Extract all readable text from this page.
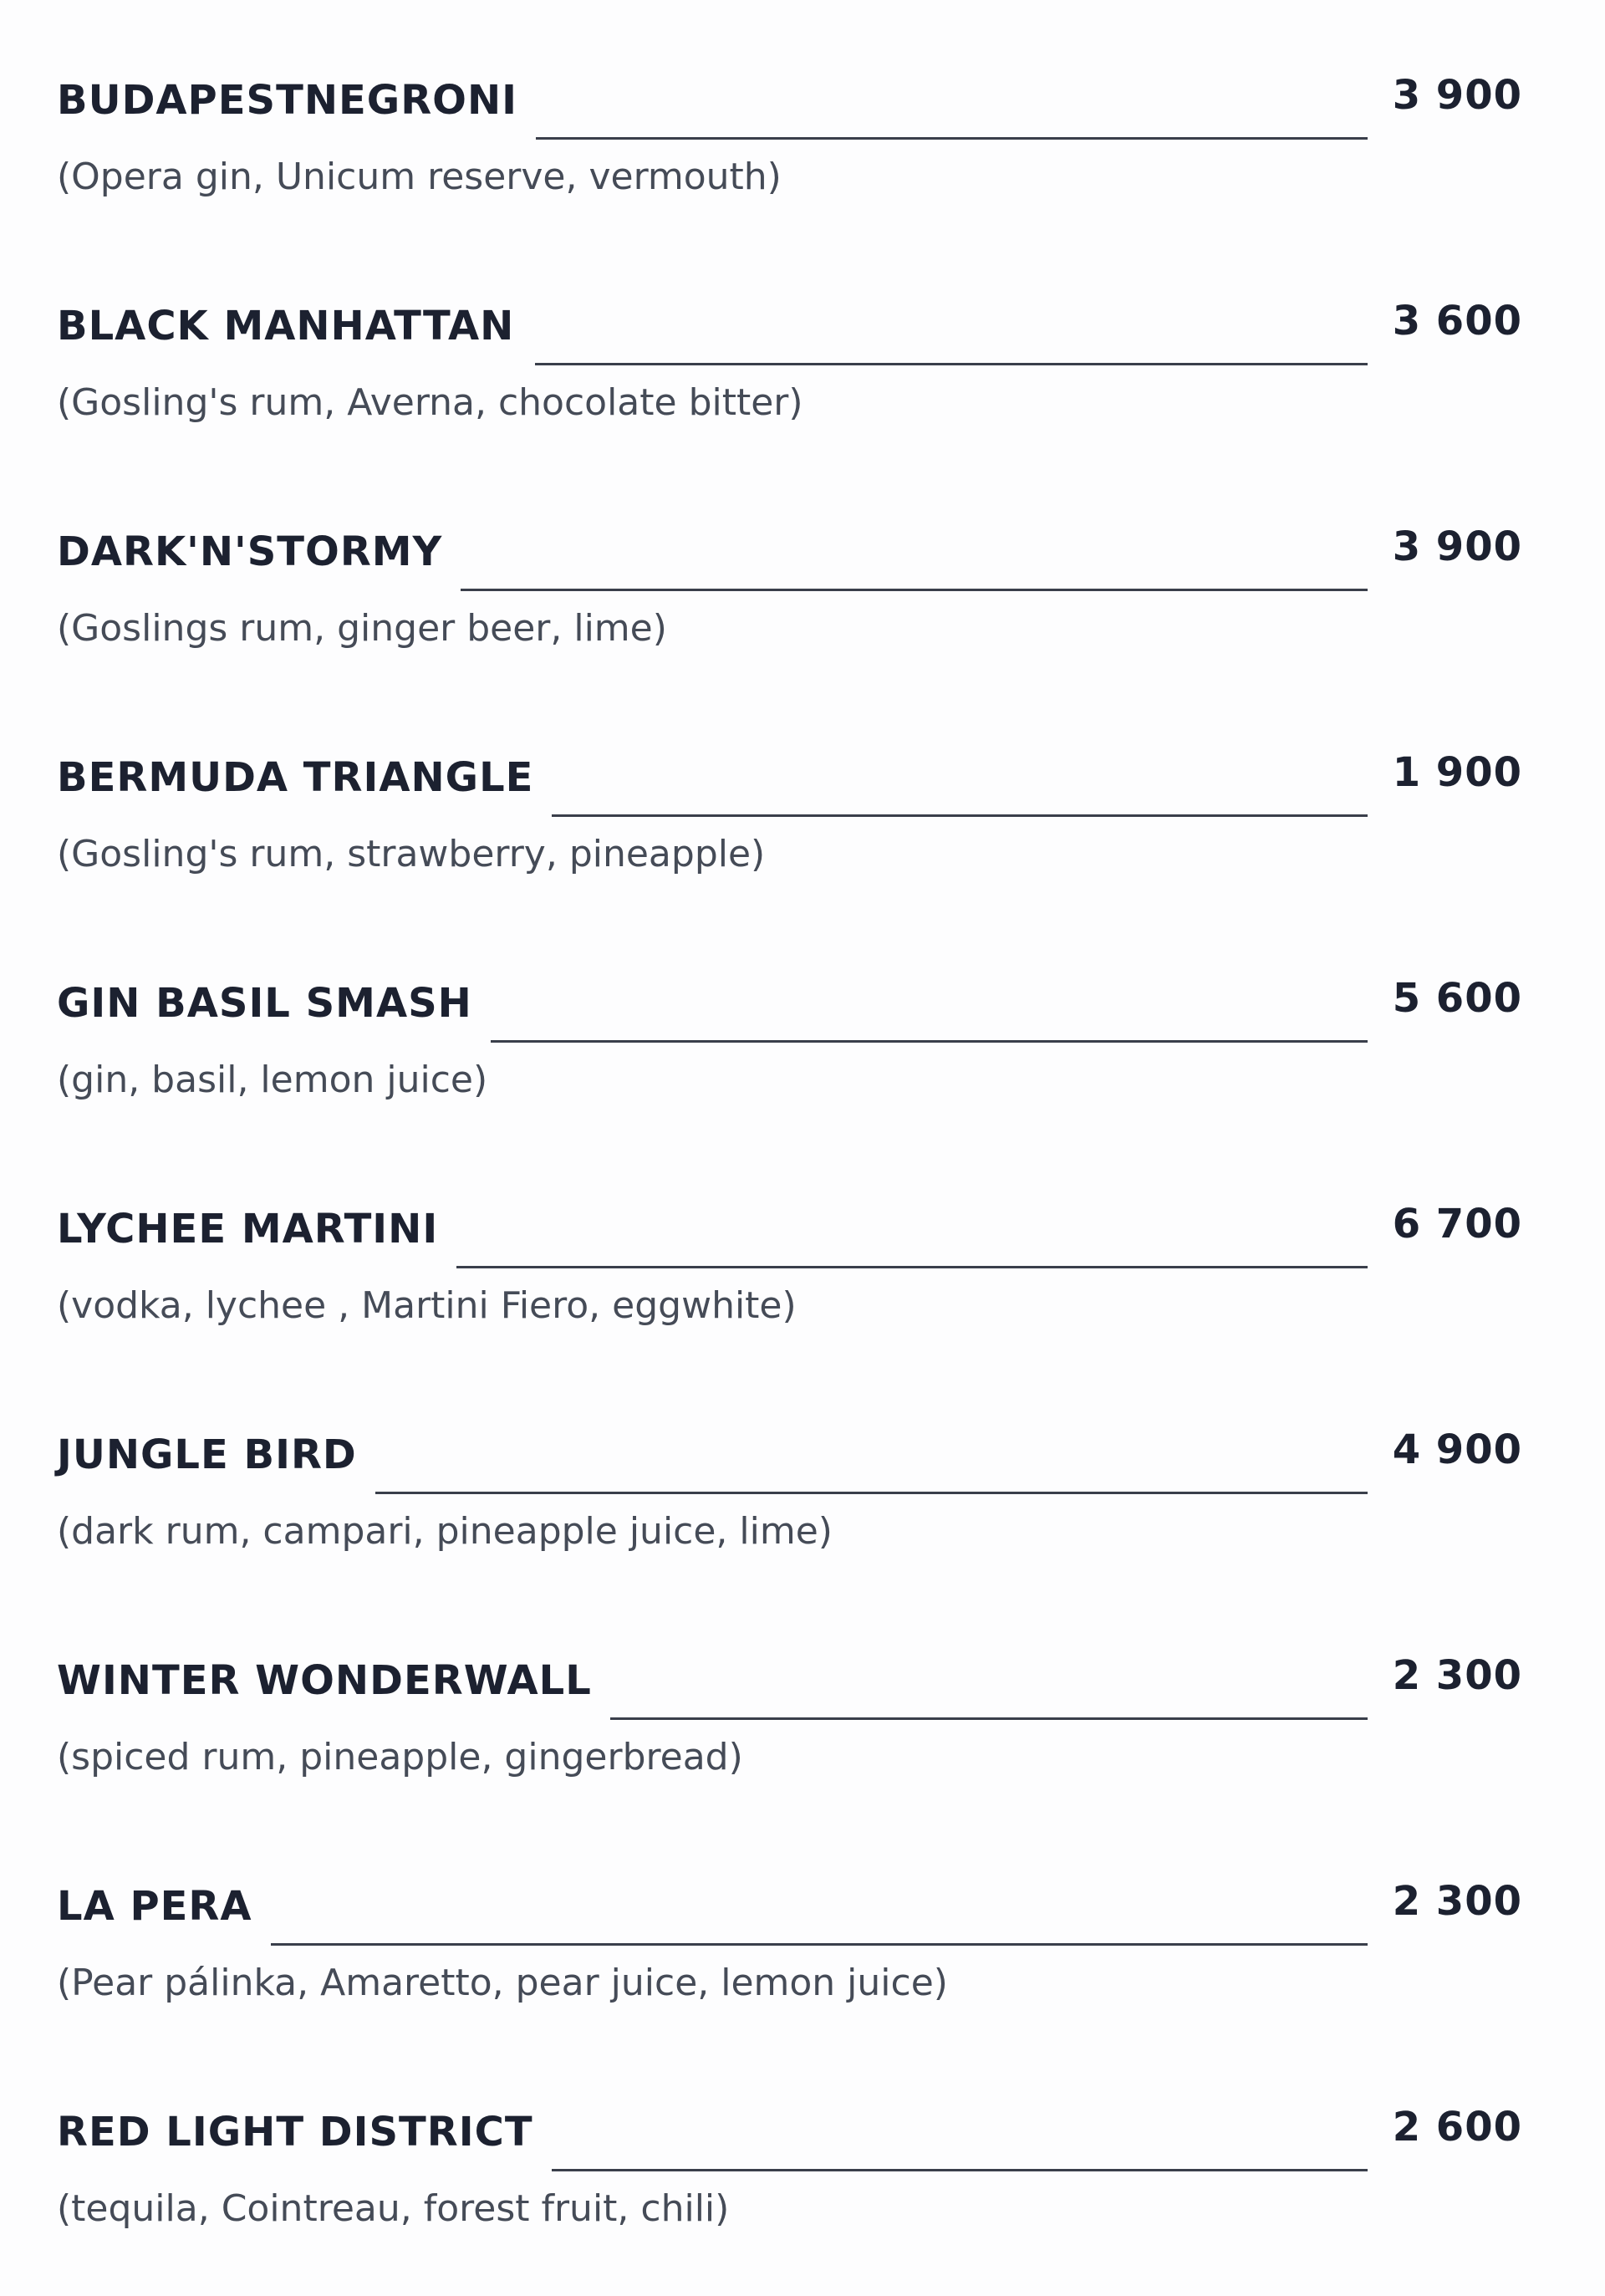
BUDAPESTNEGRONI	3 900
(Opera gin, Unicum reserve, vermouth)
BLACK MANHATTAN	3 600
(Gosling's rum, Averna, chocolate bitter)
DARK'N'STORMY	3 900
(Goslings rum, ginger beer, lime)
BERMUDA TRIANGLE	1 900
(Gosling's rum, strawberry, pineapple)
GIN BASIL SMASH	5 600
(gin, basil, lemon juice)
LYCHEE MARTINI	6 700
(vodka, lychee , Martini Fiero, eggwhite)
JUNGLE BIRD	4 900
(dark rum, campari, pineapple juice, lime)
WINTER WONDERWALL	2 300
(spiced rum, pineapple, gingerbread)
LA PERA	2 300
(Pear pálinka, Amaretto, pear juice, lemon juice)
RED LIGHT DISTRICT	2 600
(tequila, Cointreau, forest fruit, chili)
